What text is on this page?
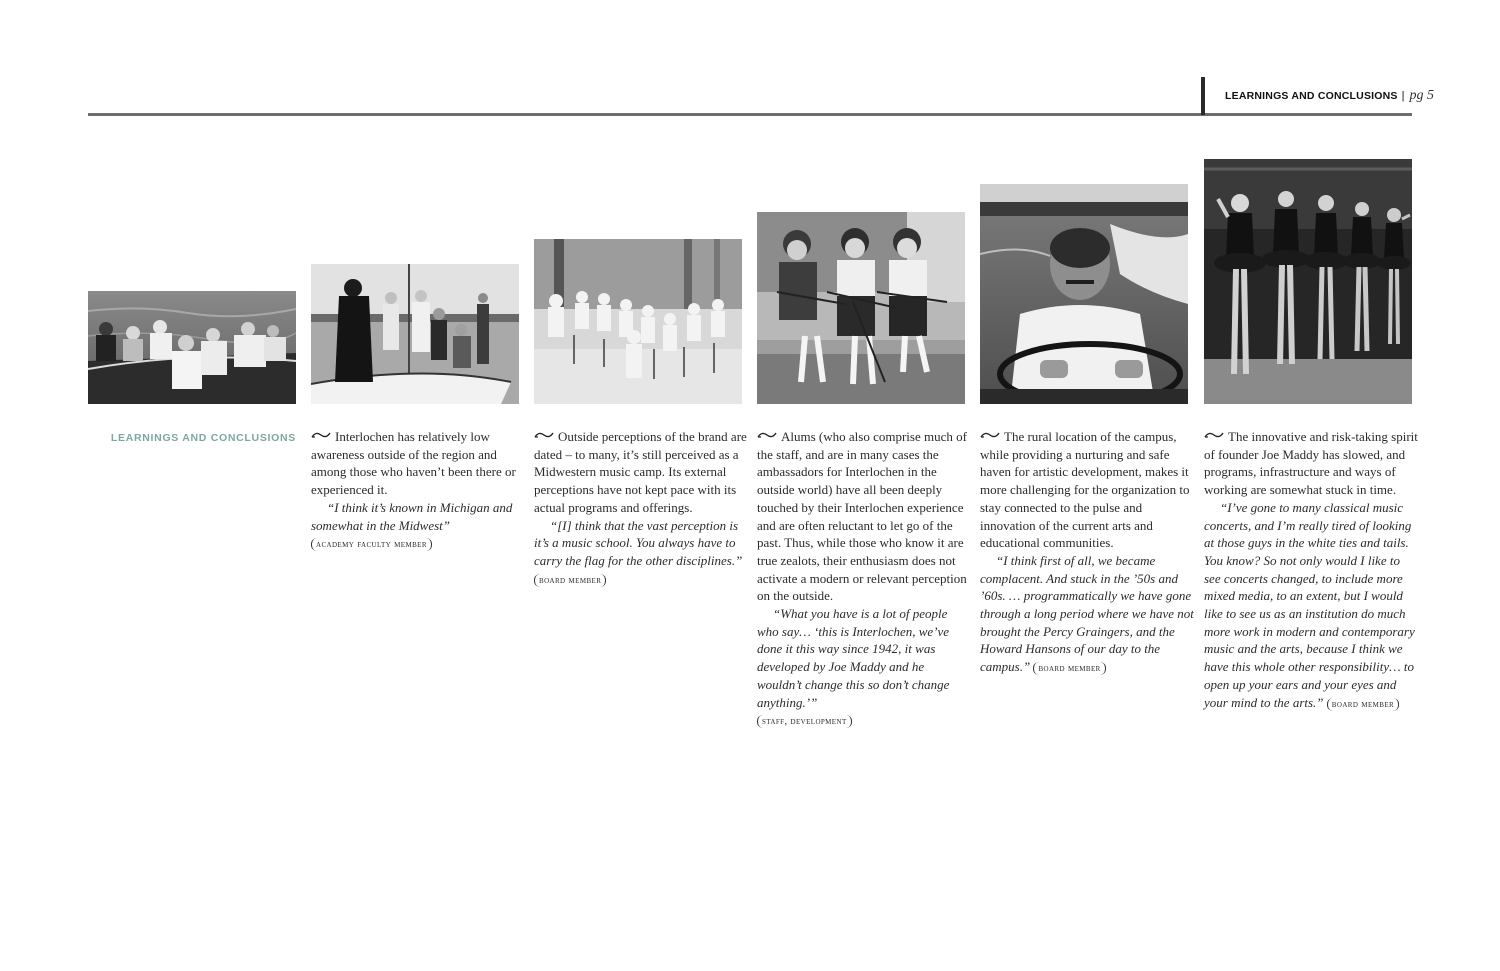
LEARNINGS AND CONCLUSIONS | pg 5
LEARNINGS AND CONCLUSIONS	Interlochen has relatively low awareness outside of the region and among those who haven’t been there or experienced it.

“I think it’s known in Michigan and somewhat in the Midwest”

academy faculty member

Outside perceptions of the brand are dated – to many, it’s still perceived as a Midwestern music camp. Its external perceptions have not kept pace with its actual programs and offerings.

“[I] think that the vast perception is it’s a music school. You always have to carry the flag for the other disciplines.”

board member

Alums (who also comprise much of the staff, and are in many cases the ambassadors for Interlochen in the outside world) have all been deeply touched by their Interlochen experience and are often reluctant to let go of the past. Thus, while those who know it are true zealots, their enthusiasm does not activate a modern or relevant perception on the outside.

“What you have is a lot of people who say… ‘this is Interlochen, we’ve done it this way since 1942, it was developed by Joe Maddy and he wouldn’t change this so don’t change anything.’”

staff, development

The rural location of the campus, while providing a nurturing and safe haven for artistic development, makes it more challenging for the organization to stay connected to the pulse and innovation of the current arts and educational communities.

“I think first of all, we became complacent. And stuck in the ’50s and ’60s. … programmatically we have gone through a long period where we have not brought the Percy Graingers, and the Howard Hansons of our day to the campus.” board member

The innovative and risk-taking spirit of founder Joe Maddy has slowed, and programs, infrastructure and ways of working are somewhat stuck in time.

“I’ve gone to many classical music concerts, and I’m really tired of looking at those guys in the white ties and tails. You know? So not only would I like to see concerts changed, to include more mixed media, to an extent, but I would like to see us as an institution do much more work in modern and contemporary music and the arts, because I think we have this whole other responsibility… to open up your ears and your eyes and your mind to the arts.” board member
